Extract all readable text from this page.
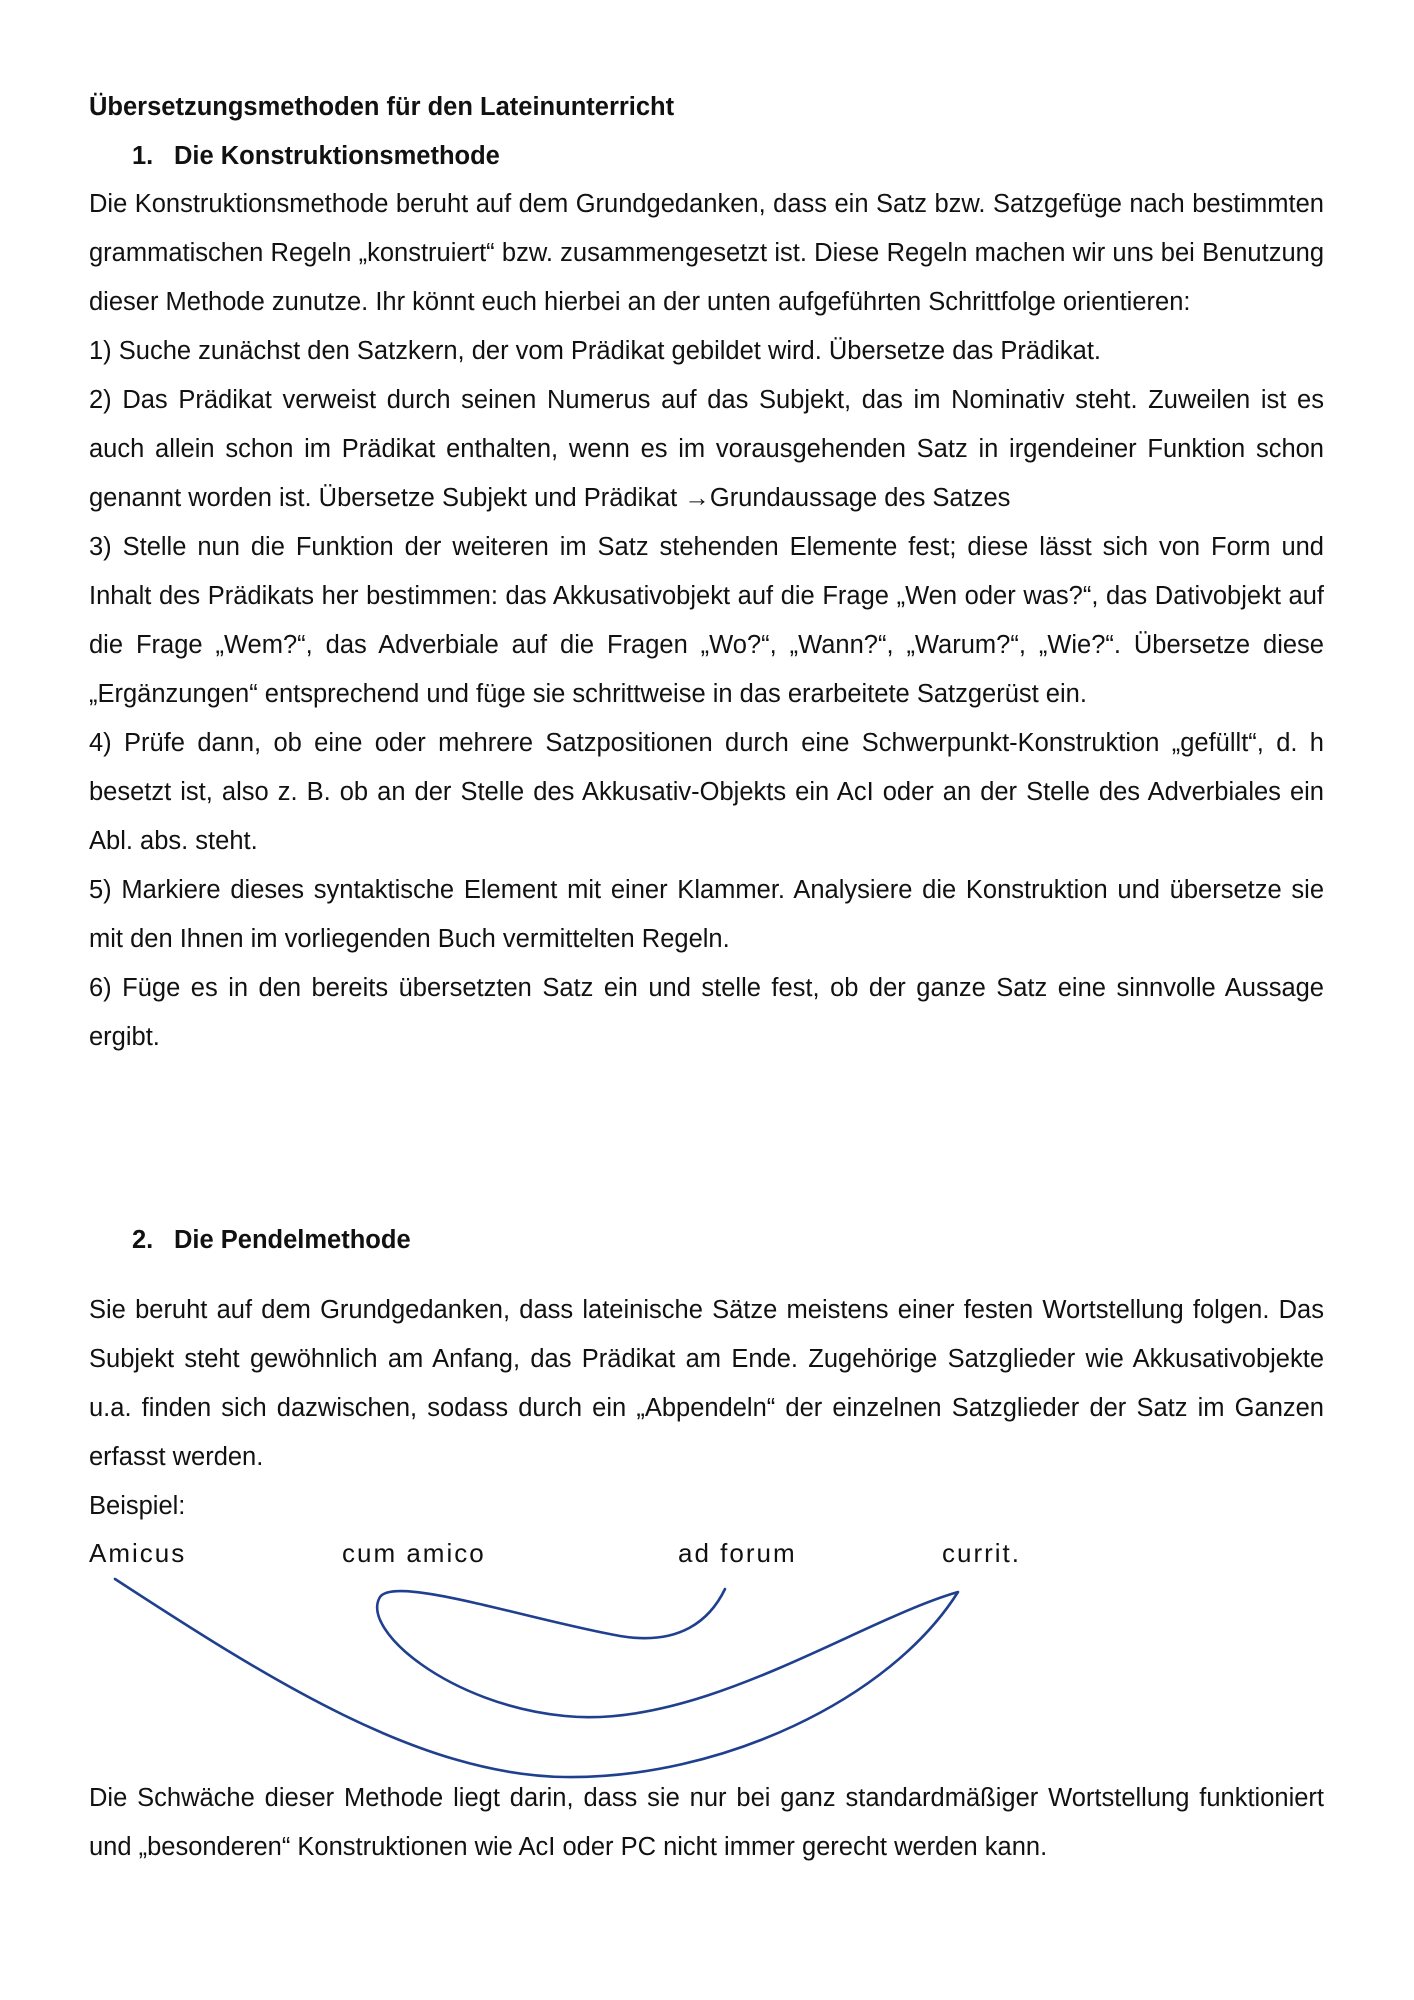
Übersetzungsmethoden für den Lateinunterricht
1. Die Konstruktionsmethode

Die Konstruktionsmethode beruht auf dem Grundgedanken, dass ein Satz bzw. Satzgefüge nach bestimmten grammatischen Regeln „konstruiert“ bzw. zusammengesetzt ist. Diese Regeln machen wir uns bei Benutzung dieser Methode zunutze. Ihr könnt euch hierbei an der unten aufgeführten Schrittfolge orientieren:

1) Suche zunächst den Satzkern, der vom Prädikat gebildet wird. Übersetze das Prädikat.

2) Das Prädikat verweist durch seinen Numerus auf das Subjekt, das im Nominativ steht. Zuweilen ist es auch allein schon im Prädikat enthalten, wenn es im vorausgehenden Satz in irgendeiner Funktion schon genannt worden ist. Übersetze Subjekt und Prädikat →Grundaussage des Satzes

3) Stelle nun die Funktion der weiteren im Satz stehenden Elemente fest; diese lässt sich von Form und Inhalt des Prädikats her bestimmen: das Akkusativobjekt auf die Frage „Wen oder was?“, das Dativobjekt auf die Frage „Wem?“, das Adverbiale auf die Fragen „Wo?“, „Wann?“, „Warum?“, „Wie?“. Übersetze diese „Ergänzungen“ entsprechend und füge sie schrittweise in das erarbeitete Satzgerüst ein.

4) Prüfe dann, ob eine oder mehrere Satzpositionen durch eine Schwerpunkt-Konstruktion „gefüllt“, d. h besetzt ist, also z. B. ob an der Stelle des Akkusativ-Objekts ein AcI oder an der Stelle des Adverbiales ein Abl. abs. steht.

5) Markiere dieses syntaktische Element mit einer Klammer. Analysiere die Konstruktion und übersetze sie mit den Ihnen im vorliegenden Buch vermittelten Regeln.

6) Füge es in den bereits übersetzten Satz ein und stelle fest, ob der ganze Satz eine sinnvolle Aussage ergibt.

2. Die Pendelmethode

Sie beruht auf dem Grundgedanken, dass lateinische Sätze meistens einer festen Wortstellung folgen. Das Subjekt steht gewöhnlich am Anfang, das Prädikat am Ende. Zugehörige Satzglieder wie Akkusativobjekte u.a. finden sich dazwischen, sodass durch ein „Abpendeln“ der einzelnen Satzglieder der Satz im Ganzen erfasst werden.

Beispiel:

Amicus	cum amico	ad forum	currit.

Die Schwäche dieser Methode liegt darin, dass sie nur bei ganz standardmäßiger Wortstellung funktioniert und „besonderen“ Konstruktionen wie AcI oder PC nicht immer gerecht werden kann.
